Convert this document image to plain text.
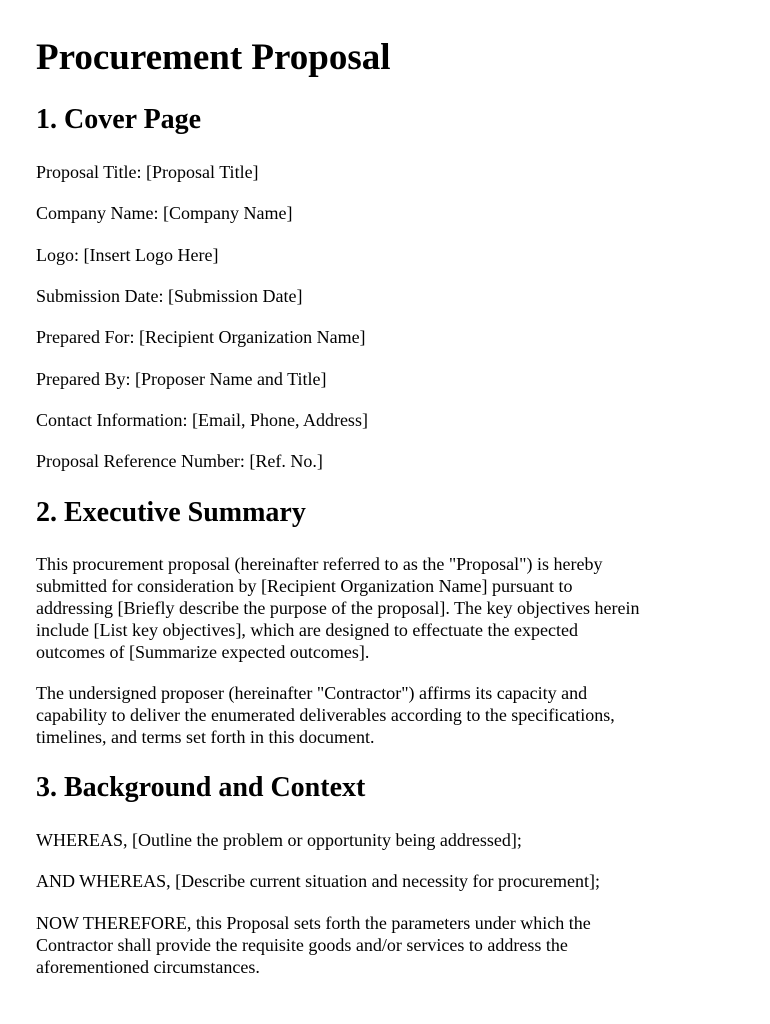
Procurement Proposal
1. Cover Page
Proposal Title: [Proposal Title]
Company Name: [Company Name]
Logo: [Insert Logo Here]
Submission Date: [Submission Date]
Prepared For: [Recipient Organization Name]
Prepared By: [Proposer Name and Title]
Contact Information: [Email, Phone, Address]
Proposal Reference Number: [Ref. No.]
2. Executive Summary
This procurement proposal (hereinafter referred to as the "Proposal") is hereby
submitted for consideration by [Recipient Organization Name] pursuant to
addressing [Briefly describe the purpose of the proposal]. The key objectives herein
include [List key objectives], which are designed to effectuate the expected
outcomes of [Summarize expected outcomes].
The undersigned proposer (hereinafter "Contractor") affirms its capacity and
capability to deliver the enumerated deliverables according to the specifications,
timelines, and terms set forth in this document.
3. Background and Context
WHEREAS, [Outline the problem or opportunity being addressed];
AND WHEREAS, [Describe current situation and necessity for procurement];
NOW THEREFORE, this Proposal sets forth the parameters under which the
Contractor shall provide the requisite goods and/or services to address the
aforementioned circumstances.
